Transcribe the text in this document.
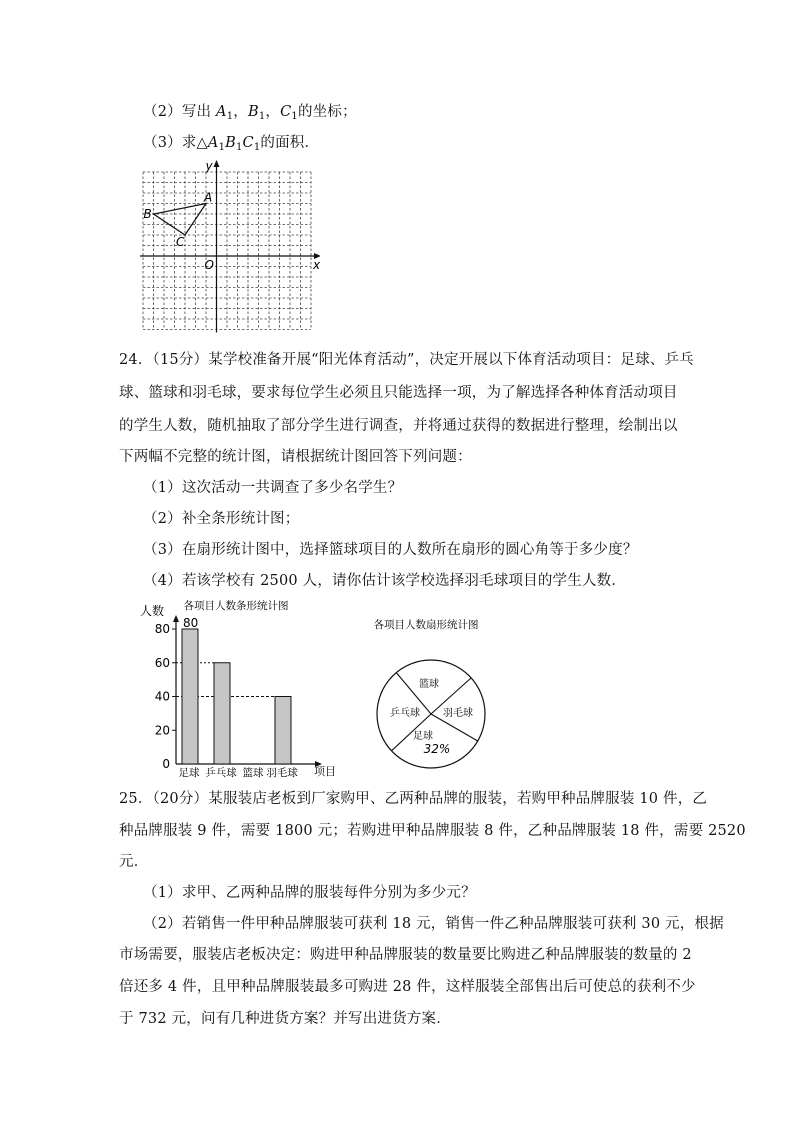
（2）写出 $A_1$，$B_1$，$C_1$的坐标；
（3）求$\triangle A_1B_1C_1$的面积．
y
x
O
A
B
C
24．（15分）某学校准备开展“阳光体育活动”，决定开展以下体育活动项目：足球、乒乓
球、篮球和羽毛球，要求每位学生必须且只能选择一项，为了解选择各种体育活动项目
的学生人数，随机抽取了部分学生进行调查，并将通过获得的数据进行整理，绘制出以
下两幅不完整的统计图，请根据统计图回答下列问题：
（1）这次活动一共调查了多少名学生？
（2）补全条形统计图；
（3）在扇形统计图中，选择篮球项目的人数所在扇形的圆心角等于多少度？
（4）若该学校有 2500 人，请你估计该学校选择羽毛球项目的学生人数．
各项目人数条形统计图
人数
项目
0
20
40
60
80
足球 乒乓球 篮球 羽毛球
80	各项目人数扇形统计图
篮球
羽毛球
足球
乒乓球
32%
25．（20分）某服装店老板到厂家购甲、乙两种品牌的服装，若购甲种品牌服装 10 件，乙
种品牌服装 9 件，需要 1800 元；若购进甲种品牌服装 8 件，乙种品牌服装 18 件，需要 2520
元．
（1）求甲、乙两种品牌的服装每件分别为多少元？
（2）若销售一件甲种品牌服装可获利 18 元，销售一件乙种品牌服装可获利 30 元，根据
市场需要，服装店老板决定：购进甲种品牌服装的数量要比购进乙种品牌服装的数量的 2
倍还多 4 件，且甲种品牌服装最多可购进 28 件，这样服装全部售出后可使总的获利不少
于 732 元，问有几种进货方案？并写出进货方案．
